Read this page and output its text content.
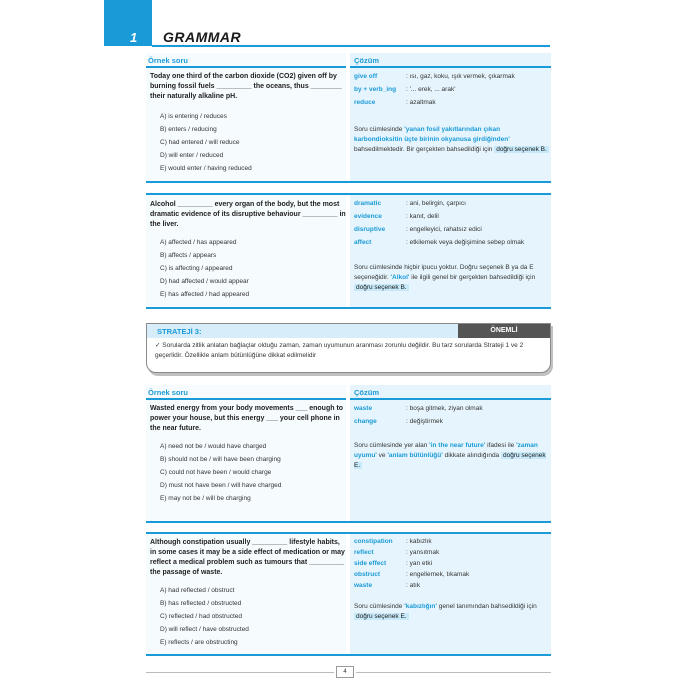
1 GRAMMAR
Örnek soru	Çözüm
Today one third of the carbon dioxide (CO2) given off by burning fossil fuels _________ the oceans, thus ________ their naturally alkaline pH.
A) is entering / reduces
B) enters / reducing
C) had entered / will reduce
D) will enter / reduced
E) would enter / having reduced
give off	: ısı, gaz, koku, ışık vermek, çıkarmak
by + verb_ing : '... erek, ... arak'
reduce	: azaltmak
Soru cümlesinde 'yanan fosil yakıtlarından çıkan karbondioksitin üçte birinin okyanusa girdiğinden' bahsedilmektedir. Bir gerçekten bahsedildiği için doğru seçenek B.
Alcohol _________ every organ of the body, but the most dramatic evidence of its disruptive behaviour _________ in the liver.
A) affected / has appeared
B) affects / appears
C) is affecting / appeared
D) had affected / would appear
E) has affected / had appeared
dramatic	: ani, belirgin, çarpıcı
evidence	: kanıt, delil
disruptive	: engelleyici, rahatsız edici
affect	: etkilemek veya değişimine sebep olmak
Soru cümlesinde hiçbir ipucu yoktur. Doğru seçenek B ya da E seçeneğidir. 'Alkol' ile ilgili genel bir gerçekten bahsedildiği için doğru seçenek B.
STRATEJİ 3:	ÖNEMLİ
✓ Sorularda zitlik anlatan bağlaçlar olduğu zaman, zaman uyumunun aranması zorunlu değildir. Bu tarz sorularda Strateji 1 ve 2 geçerlidir. Özellikle anlam bütünlüğüne dikkat edilmelidir
Örnek soru	Çözüm
Wasted energy from your body movements ___ enough to power your house, but this energy ___ your cell phone in the near future.
A) need not be / would have charged
B) should not be / will have been charging
C) could not have been / would charge
D) must not have been / will have charged
E) may not be / will be charging
waste	: boşa gitmek, ziyan olmak
change	: değiştirmek
Soru cümlesinde yer alan 'in the near future' ifadesi ile 'zaman uyumu' ve 'anlam bütünlüğü' dikkate alındığında doğru seçenek E.
Although constipation usually _________ lifestyle habits, in some cases it may be a side effect of medication or may reflect a medical problem such as tumours that _________ the passage of waste.
A) had reflected / obstruct
B) has reflected / obstructed
C) reflected / had obstructed
D) will reflect / have obstructed
E) reflects / are obstructing
constipation : kabızlık
reflect	: yansıtmak
side effect	: yan etki
obstruct	: engellemek, tıkamak
waste	: atık
Soru cümlesinde 'kabızlığın' genel tanımından bahsedildiği için doğru seçenek E.
4
